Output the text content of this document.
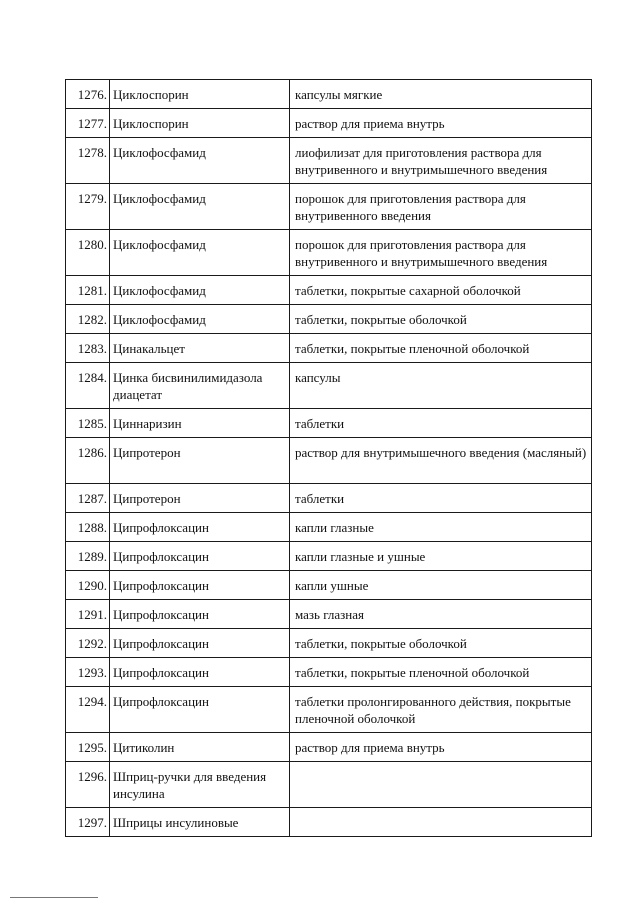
1276.	Циклоспорин	капсулы мягкие
1277.	Циклоспорин	раствор для приема внутрь
1278.	Циклофосфамид	лиофилизат для приготовления раствора для внутривенного и внутримышечного введения
1279.	Циклофосфамид	порошок для приготовления раствора для внутривенного введения
1280.	Циклофосфамид	порошок для приготовления раствора для внутривенного и внутримышечного введения
1281.	Циклофосфамид	таблетки, покрытые сахарной оболочкой
1282.	Циклофосфамид	таблетки, покрытые оболочкой
1283.	Цинакальцет	таблетки, покрытые пленочной оболочкой
1284.	Цинка бисвинилимидазола диацетат	капсулы
1285.	Циннаризин	таблетки
1286.	Ципротерон	раствор для внутримышечного введения (масляный)
1287.	Ципротерон	таблетки
1288.	Ципрофлоксацин	капли глазные
1289.	Ципрофлоксацин	капли глазные и ушные
1290.	Ципрофлоксацин	капли ушные
1291.	Ципрофлоксацин	мазь глазная
1292.	Ципрофлоксацин	таблетки, покрытые оболочкой
1293.	Ципрофлоксацин	таблетки, покрытые пленочной оболочкой
1294.	Ципрофлоксацин	таблетки пролонгированного действия, покрытые пленочной оболочкой
1295.	Цитиколин	раствор для приема внутрь
1296.	Шприц-ручки для введения инсулина	
1297.	Шприцы инсулиновые	
